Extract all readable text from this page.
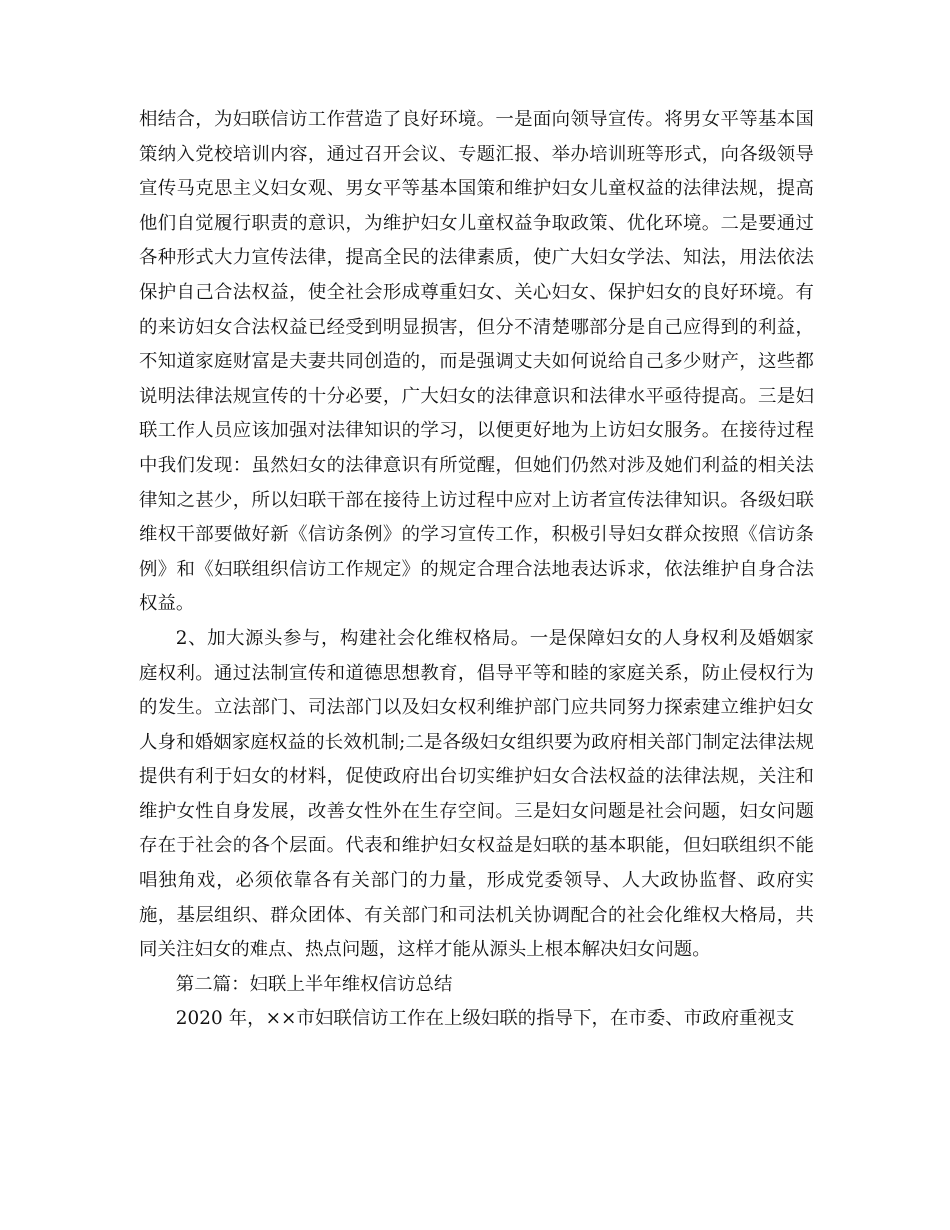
相结合，为妇联信访工作营造了良好环境。一是面向领导宣传。将男女平等基本国策纳入党校培训内容，通过召开会议、专题汇报、举办培训班等形式，向各级领导宣传马克思主义妇女观、男女平等基本国策和维护妇女儿童权益的法律法规，提高他们自觉履行职责的意识，为维护妇女儿童权益争取政策、优化环境。二是要通过各种形式大力宣传法律，提高全民的法律素质，使广大妇女学法、知法，用法依法保护自己合法权益，使全社会形成尊重妇女、关心妇女、保护妇女的良好环境。有的来访妇女合法权益已经受到明显损害，但分不清楚哪部分是自己应得到的利益，不知道家庭财富是夫妻共同创造的，而是强调丈夫如何说给自己多少财产，这些都说明法律法规宣传的十分必要，广大妇女的法律意识和法律水平亟待提高。三是妇联工作人员应该加强对法律知识的学习，以便更好地为上访妇女服务。在接待过程中我们发现：虽然妇女的法律意识有所觉醒，但她们仍然对涉及她们利益的相关法律知之甚少，所以妇联干部在接待上访过程中应对上访者宣传法律知识。各级妇联维权干部要做好新《信访条例》的学习宣传工作，积极引导妇女群众按照《信访条例》和《妇联组织信访工作规定》的规定合理合法地表达诉求，依法维护自身合法权益。

2、加大源头参与，构建社会化维权格局。一是保障妇女的人身权利及婚姻家庭权利。通过法制宣传和道德思想教育，倡导平等和睦的家庭关系，防止侵权行为的发生。立法部门、司法部门以及妇女权利维护部门应共同努力探索建立维护妇女人身和婚姻家庭权益的长效机制;二是各级妇女组织要为政府相关部门制定法律法规提供有利于妇女的材料，促使政府出台切实维护妇女合法权益的法律法规，关注和维护女性自身发展，改善女性外在生存空间。三是妇女问题是社会问题，妇女问题存在于社会的各个层面。代表和维护妇女权益是妇联的基本职能，但妇联组织不能唱独角戏，必须依靠各有关部门的力量，形成党委领导、人大政协监督、政府实施，基层组织、群众团体、有关部门和司法机关协调配合的社会化维权大格局，共同关注妇女的难点、热点问题，这样才能从源头上根本解决妇女问题。

第二篇：妇联上半年维权信访总结

2020 年，××市妇联信访工作在上级妇联的指导下，在市委、市政府重视支
